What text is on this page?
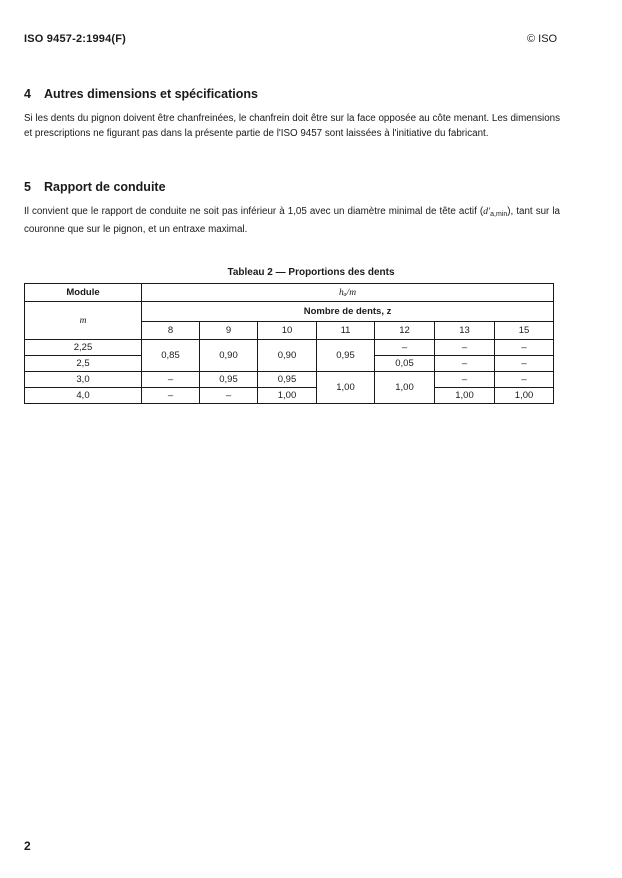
ISO 9457-2:1994(F)	© ISO
4 Autres dimensions et spécifications
Si les dents du pignon doivent être chanfreinées, le chanfrein doit être sur la face opposée au côte menant. Les dimensions et prescriptions ne figurant pas dans la présente partie de l'ISO 9457 sont laissées à l'initiative du fabricant.
5 Rapport de conduite
Il convient que le rapport de conduite ne soit pas inférieur à 1,05 avec un diamètre minimal de tête actif $(d'_{a,min})$, tant sur la couronne que sur le pignon, et un entraxe maximal.
Tableau 2 — Proportions des dents
Module	hₐ/m						
m	Nombre de dents, z						
	8	9	10	11	12	13	15
2,25	0,85	0,90	0,90	0,95	–	–	–
2,5					0,05	–	–
3,0	–	0,95	0,95	1,00	1,00	–	–
4,0	–	–	1,00			1,00	1,00
2
